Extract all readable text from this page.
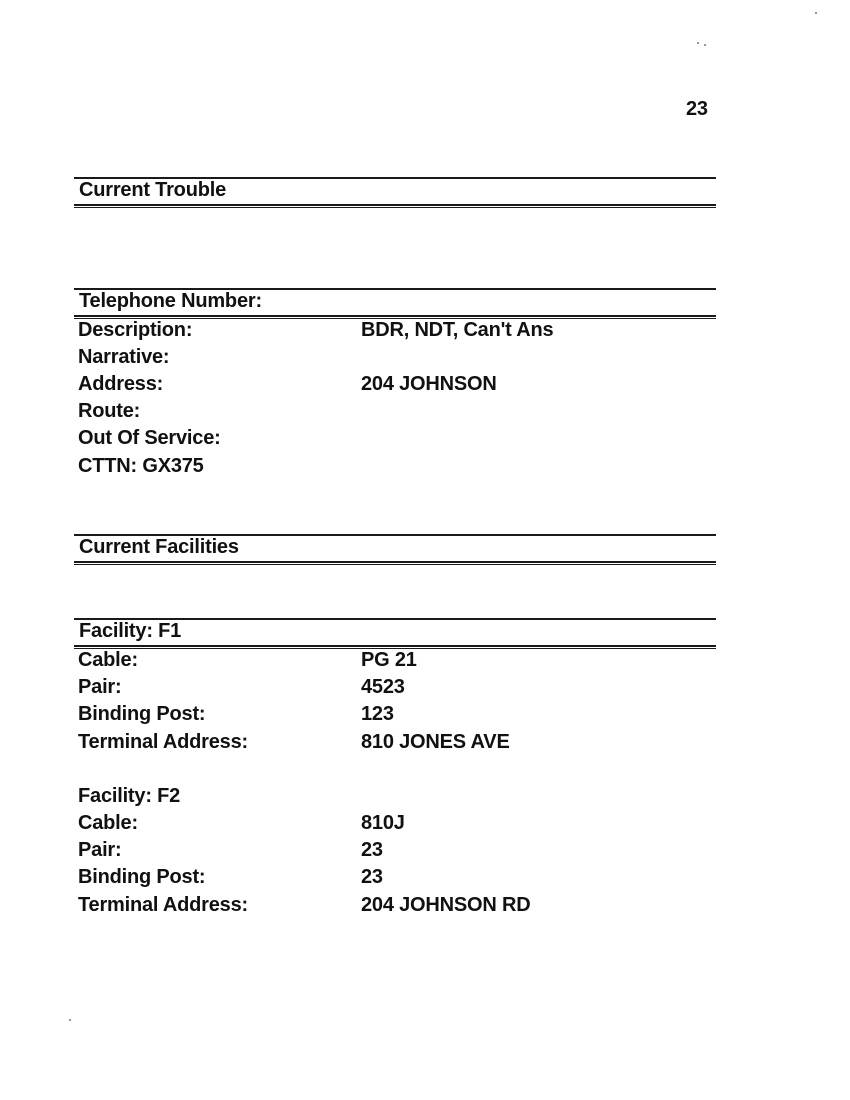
23
Current Trouble
Telephone Number:
Description:	BDR, NDT, Can't Ans
Narrative:
Address:	204 JOHNSON
Route:
Out Of Service:
CTTN: GX375
Current Facilities
Facility: F1
Cable:	PG 21
Pair:	4523
Binding Post:	123
Terminal Address:	810 JONES AVE
Facility: F2
Cable:	810J
Pair:	23
Binding Post:	23
Terminal Address:	204 JOHNSON RD
